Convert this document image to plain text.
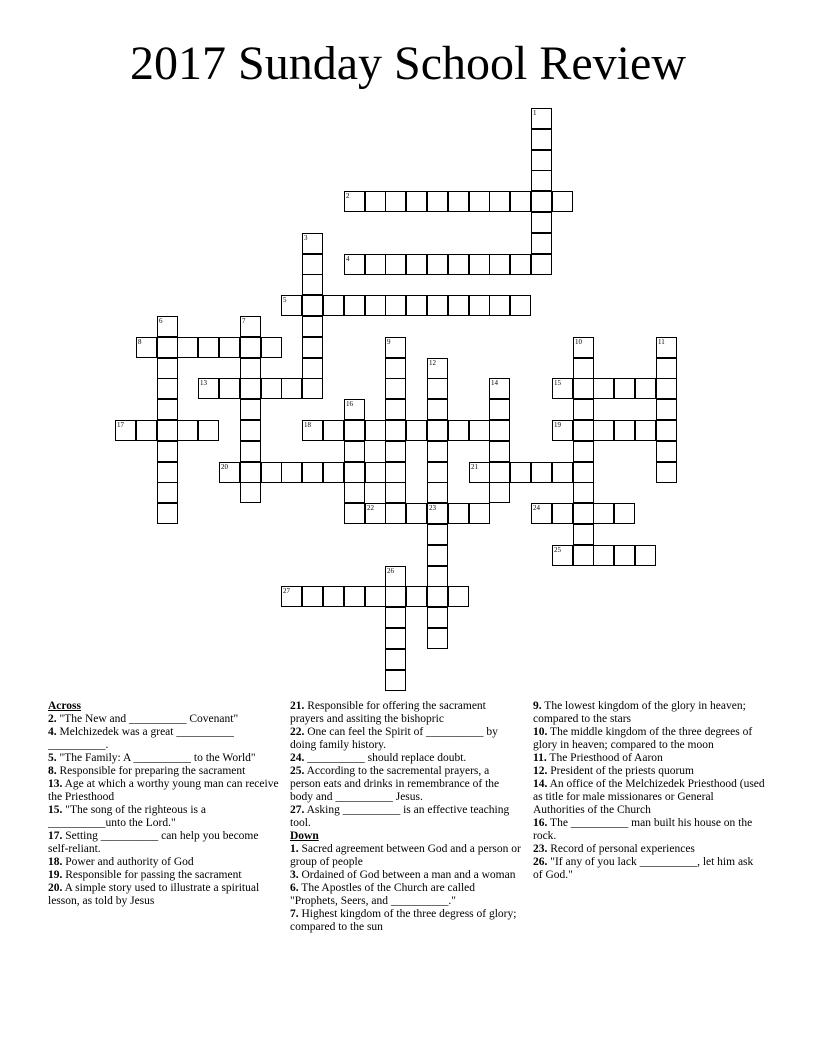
2017 Sunday School Review
1
2
3
4
5
6	7
8	9	10	11
12
13	14	15
16
17	18	19
20	21
22	23	24
25
26
27
Across

2. "The New and __________ Covenant"

4. Melchizedek was a great __________ __________.

5. "The Family: A __________ to the World"

8. Responsible for preparing the sacrament

13. Age at which a worthy young man can receive the Priesthood

15. "The song of the righteous is a __________unto the Lord."

17. Setting __________ can help you become self-reliant.

18. Power and authority of God

19. Responsible for passing the sacrament

20. A simple story used to illustrate a spiritual lesson, as told by Jesus

21. Responsible for offering the sacrament prayers and assiting the bishopric

22. One can feel the Spirit of __________ by doing family history.

24. __________ should replace doubt.

25. According to the sacremental prayers, a person eats and drinks in remembrance of the body and __________ Jesus.

27. Asking __________ is an effective teaching tool.

Down

1. Sacred agreement between God and a person or group of people

3. Ordained of God between a man and a woman

6. The Apostles of the Church are called "Prophets, Seers, and __________."

7. Highest kingdom of the three degress of glory; compared to the sun

9. The lowest kingdom of the glory in heaven; compared to the stars

10. The middle kingdom of the three degrees of glory in heaven; compared to the moon

11. The Priesthood of Aaron

12. President of the priests quorum

14. An office of the Melchizedek Priesthood (used as title for male missionares or General Authorities of the Church

16. The __________ man built his house on the rock.

23. Record of personal experiences

26. "If any of you lack __________, let him ask of God."
